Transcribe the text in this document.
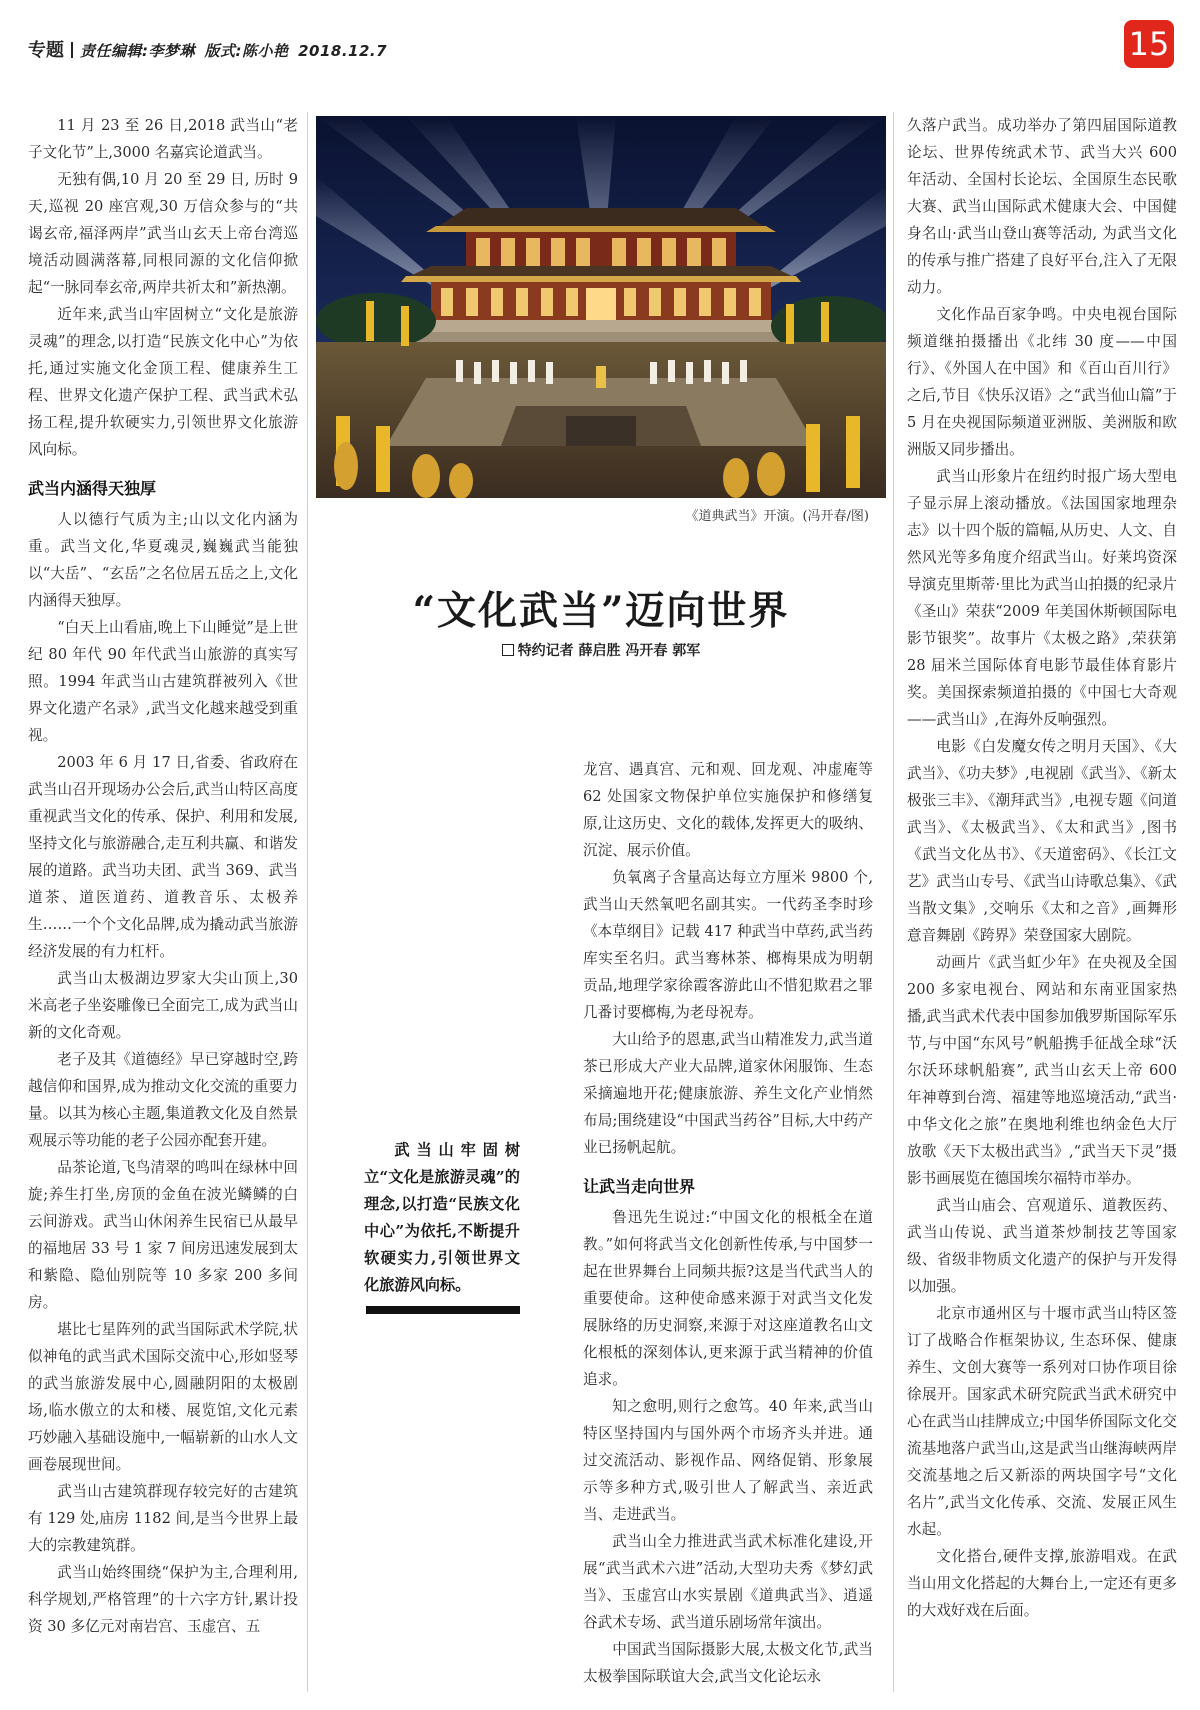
专题 责任编辑:李梦琳 版式:陈小艳 2018.12.7	15

11 月 23 至 26 日,2018 武当山“老子文化节”上,3000 名嘉宾论道武当。

无独有偶,10 月 20 至 29 日, 历时 9 天,巡视 20 座宫观,30 万信众参与的“共谒玄帝,福泽两岸”武当山玄天上帝台湾巡境活动圆满落幕,同根同源的文化信仰掀起“一脉同奉玄帝,两岸共祈太和”新热潮。

近年来,武当山牢固树立“文化是旅游灵魂”的理念,以打造“民族文化中心”为依托,通过实施文化金顶工程、健康养生工程、世界文化遗产保护工程、武当武术弘扬工程,提升软硬实力,引领世界文化旅游风向标。

武当内涵得天独厚

人以德行气质为主;山以文化内涵为重。武当文化,华夏魂灵,巍巍武当能独以“大岳”、“玄岳”之名位居五岳之上,文化内涵得天独厚。

“白天上山看庙,晚上下山睡觉”是上世纪 80 年代 90 年代武当山旅游的真实写照。1994 年武当山古建筑群被列入《世界文化遗产名录》,武当文化越来越受到重视。

2003 年 6 月 17 日,省委、省政府在武当山召开现场办公会后,武当山特区高度重视武当文化的传承、保护、利用和发展,坚持文化与旅游融合,走互利共赢、和谐发展的道路。武当功夫团、武当 369、武当道茶、道医道药、道教音乐、太极养生……一个个文化品牌,成为撬动武当旅游经济发展的有力杠杆。

武当山太极湖边罗家大尖山顶上,30 米高老子坐姿雕像已全面完工,成为武当山新的文化奇观。

老子及其《道德经》早已穿越时空,跨越信仰和国界,成为推动文化交流的重要力量。以其为核心主题,集道教文化及自然景观展示等功能的老子公园亦配套开建。

品茶论道,飞鸟清翠的鸣叫在绿林中回旋;养生打坐,房顶的金鱼在波光鳞鳞的白云间游戏。武当山休闲养生民宿已从最早的福地居 33 号 1 家 7 间房迅速发展到太和紫隐、隐仙别院等 10 多家 200 多间房。

堪比七星阵列的武当国际武术学院,状似神龟的武当武术国际交流中心,形如竖琴的武当旅游发展中心,圆融阴阳的太极剧场,临水傲立的太和楼、展览馆,文化元素巧妙融入基础设施中,一幅崭新的山水人文画卷展现世间。

武当山古建筑群现存较完好的古建筑有 129 处,庙房 1182 间,是当今世界上最大的宗教建筑群。

武当山始终围绕“保护为主,合理利用,科学规划,严格管理”的十六字方针,累计投资 30 多亿元对南岩宫、玉虚宫、五

《道典武当》开演。(冯开春/图)
“文化武当”迈向世界
特约记者 薛启胜 冯开春 郭军
武当山牢固树立“文化是旅游灵魂”的理念,以打造“民族文化中心”为依托,不断提升软硬实力,引领世界文化旅游风向标。

龙宫、遇真宫、元和观、回龙观、冲虚庵等 62 处国家文物保护单位实施保护和修缮复原,让这历史、文化的载体,发挥更大的吸纳、沉淀、展示价值。

负氧离子含量高达每立方厘米 9800 个,武当山天然氧吧名副其实。一代药圣李时珍《本草纲目》记载 417 种武当中草药,武当药库实至名归。武当骞林茶、榔梅果成为明朝贡品,地理学家徐霞客游此山不惜犯欺君之罪几番讨要榔梅,为老母祝寿。

大山给予的恩惠,武当山精准发力,武当道茶已形成大产业大品牌,道家休闲服饰、生态采摘遍地开花;健康旅游、养生文化产业悄然布局;围绕建设“中国武当药谷”目标,大中药产业已扬帆起航。

让武当走向世界

鲁迅先生说过:“中国文化的根柢全在道教。”如何将武当文化创新性传承,与中国梦一起在世界舞台上同频共振?这是当代武当人的重要使命。这种使命感来源于对武当文化发展脉络的历史洞察,来源于对这座道教名山文化根柢的深刻体认,更来源于武当精神的价值追求。

知之愈明,则行之愈笃。40 年来,武当山特区坚持国内与国外两个市场齐头并进。通过交流活动、影视作品、网络促销、形象展示等多种方式,吸引世人了解武当、亲近武当、走进武当。

武当山全力推进武当武术标准化建设,开展“武当武术六进”活动,大型功夫秀《梦幻武当》、玉虚宫山水实景剧《道典武当》、逍遥谷武术专场、武当道乐剧场常年演出。

中国武当国际摄影大展,太极文化节,武当太极拳国际联谊大会,武当文化论坛永

久落户武当。成功举办了第四届国际道教论坛、世界传统武术节、武当大兴 600 年活动、全国村长论坛、全国原生态民歌大赛、武当山国际武术健康大会、中国健身名山·武当山登山赛等活动, 为武当文化的传承与推广搭建了良好平台,注入了无限动力。

文化作品百家争鸣。中央电视台国际频道继拍摄播出《北纬 30 度——中国行》、《外国人在中国》和《百山百川行》之后,节目《快乐汉语》之“武当仙山篇”于 5 月在央视国际频道亚洲版、美洲版和欧洲版又同步播出。

武当山形象片在纽约时报广场大型电子显示屏上滚动播放。《法国国家地理杂志》以十四个版的篇幅,从历史、人文、自然风光等多角度介绍武当山。好莱坞资深导演克里斯蒂·里比为武当山拍摄的纪录片《圣山》荣获“2009 年美国休斯顿国际电影节银奖”。故事片《太极之路》,荣获第 28 届米兰国际体育电影节最佳体育影片奖。美国探索频道拍摄的《中国七大奇观——武当山》,在海外反响强烈。

电影《白发魔女传之明月天国》、《大武当》、《功夫梦》,电视剧《武当》、《新太极张三丰》、《潮拜武当》,电视专题《问道武当》、《太极武当》、《太和武当》,图书《武当文化丛书》、《天道密码》、《长江文艺》武当山专号、《武当山诗歌总集》、《武当散文集》,交响乐《太和之音》,画舞形意音舞剧《跨界》荣登国家大剧院。

动画片《武当虹少年》在央视及全国 200 多家电视台、网站和东南亚国家热播,武当武术代表中国参加俄罗斯国际军乐节,与中国“东风号”帆船携手征战全球“沃尔沃环球帆船赛”, 武当山玄天上帝 600 年神尊到台湾、福建等地巡境活动,“武当·中华文化之旅”在奥地利维也纳金色大厅放歌《天下太极出武当》,“武当天下灵”摄影书画展览在德国埃尔福特市举办。

武当山庙会、宫观道乐、道教医药、武当山传说、武当道茶炒制技艺等国家级、省级非物质文化遗产的保护与开发得以加强。

北京市通州区与十堰市武当山特区签订了战略合作框架协议, 生态环保、健康养生、文创大赛等一系列对口协作项目徐徐展开。国家武术研究院武当武术研究中心在武当山挂牌成立;中国华侨国际文化交流基地落户武当山,这是武当山继海峡两岸交流基地之后又新添的两块国字号“文化名片”,武当文化传承、交流、发展正风生水起。

文化搭台,硬件支撑,旅游唱戏。在武当山用文化搭起的大舞台上,一定还有更多的大戏好戏在后面。
